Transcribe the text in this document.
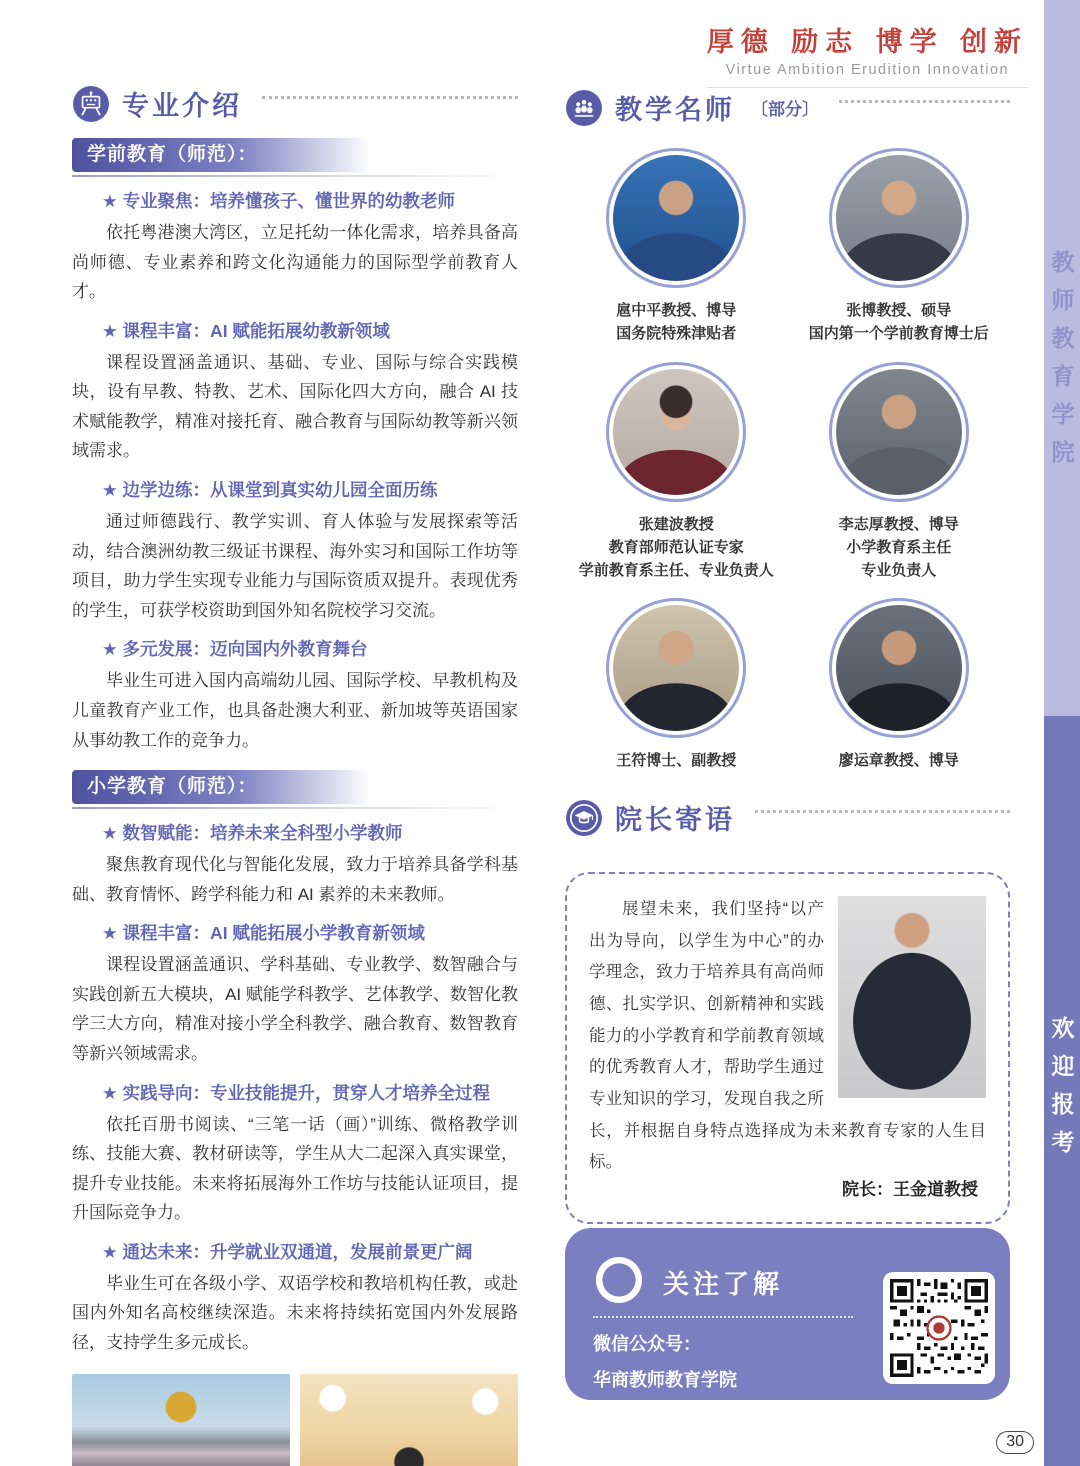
厚德 励志 博学 创新
Virtue Ambition Erudition Innovation
教师教育学院
欢迎报考
专业介绍
学前教育（师范）：
★ 专业聚焦：培养懂孩子、懂世界的幼教老师

依托粤港澳大湾区，立足托幼一体化需求，培养具备高尚师德、专业素养和跨文化沟通能力的国际型学前教育人才。

★ 课程丰富：AI 赋能拓展幼教新领域

课程设置涵盖通识、基础、专业、国际与综合实践模块，设有早教、特教、艺术、国际化四大方向，融合 AI 技术赋能教学，精准对接托育、融合教育与国际幼教等新兴领域需求。

★ 边学边练：从课堂到真实幼儿园全面历练

通过师德践行、教学实训、育人体验与发展探索等活动，结合澳洲幼教三级证书课程、海外实习和国际工作坊等项目，助力学生实现专业能力与国际资质双提升。表现优秀的学生，可获学校资助到国外知名院校学习交流。

★ 多元发展：迈向国内外教育舞台

毕业生可进入国内高端幼儿园、国际学校、早教机构及儿童教育产业工作，也具备赴澳大利亚、新加坡等英语国家从事幼教工作的竞争力。

小学教育（师范）：
★ 数智赋能：培养未来全科型小学教师

聚焦教育现代化与智能化发展，致力于培养具备学科基础、教育情怀、跨学科能力和 AI 素养的未来教师。

★ 课程丰富：AI 赋能拓展小学教育新领域

课程设置涵盖通识、学科基础、专业教学、数智融合与实践创新五大模块，AI 赋能学科教学、艺体教学、数智化教学三大方向，精准对接小学全科教学、融合教育、数智教育等新兴领域需求。

★ 实践导向：专业技能提升，贯穿人才培养全过程

依托百册书阅读、“三笔一话（画）”训练、微格教学训练、技能大赛、教材研读等，学生从大二起深入真实课堂，提升专业技能。未来将拓展海外工作坊与技能认证项目，提升国际竞争力。

★ 通达未来：升学就业双通道，发展前景更广阔

毕业生可在各级小学、双语学校和教培机构任教，或赴国内外知名高校继续深造。未来将持续拓宽国内外发展路径，支持学生多元成长。

教学名师 〔部分〕
扈中平教授、博导
国务院特殊津贴者
张博教授、硕导
国内第一个学前教育博士后
张建波教授
教育部师范认证专家
学前教育系主任、专业负责人
李志厚教授、博导
小学教育系主任
专业负责人
王符博士、副教授	廖运章教授、博导
院长寄语

展望未来，我们坚持“以产出为导向，以学生为中心”的办学理念，致力于培养具有高尚师德、扎实学识、创新精神和实践能力的小学教育和学前教育领域的优秀教育人才，帮助学生通过专业知识的学习，发现自我之所长，并根据自身特点选择成为未来教育专家的人生目标。

院长：王金道教授
关注了解
微信公众号：
华商教师教育学院
30
